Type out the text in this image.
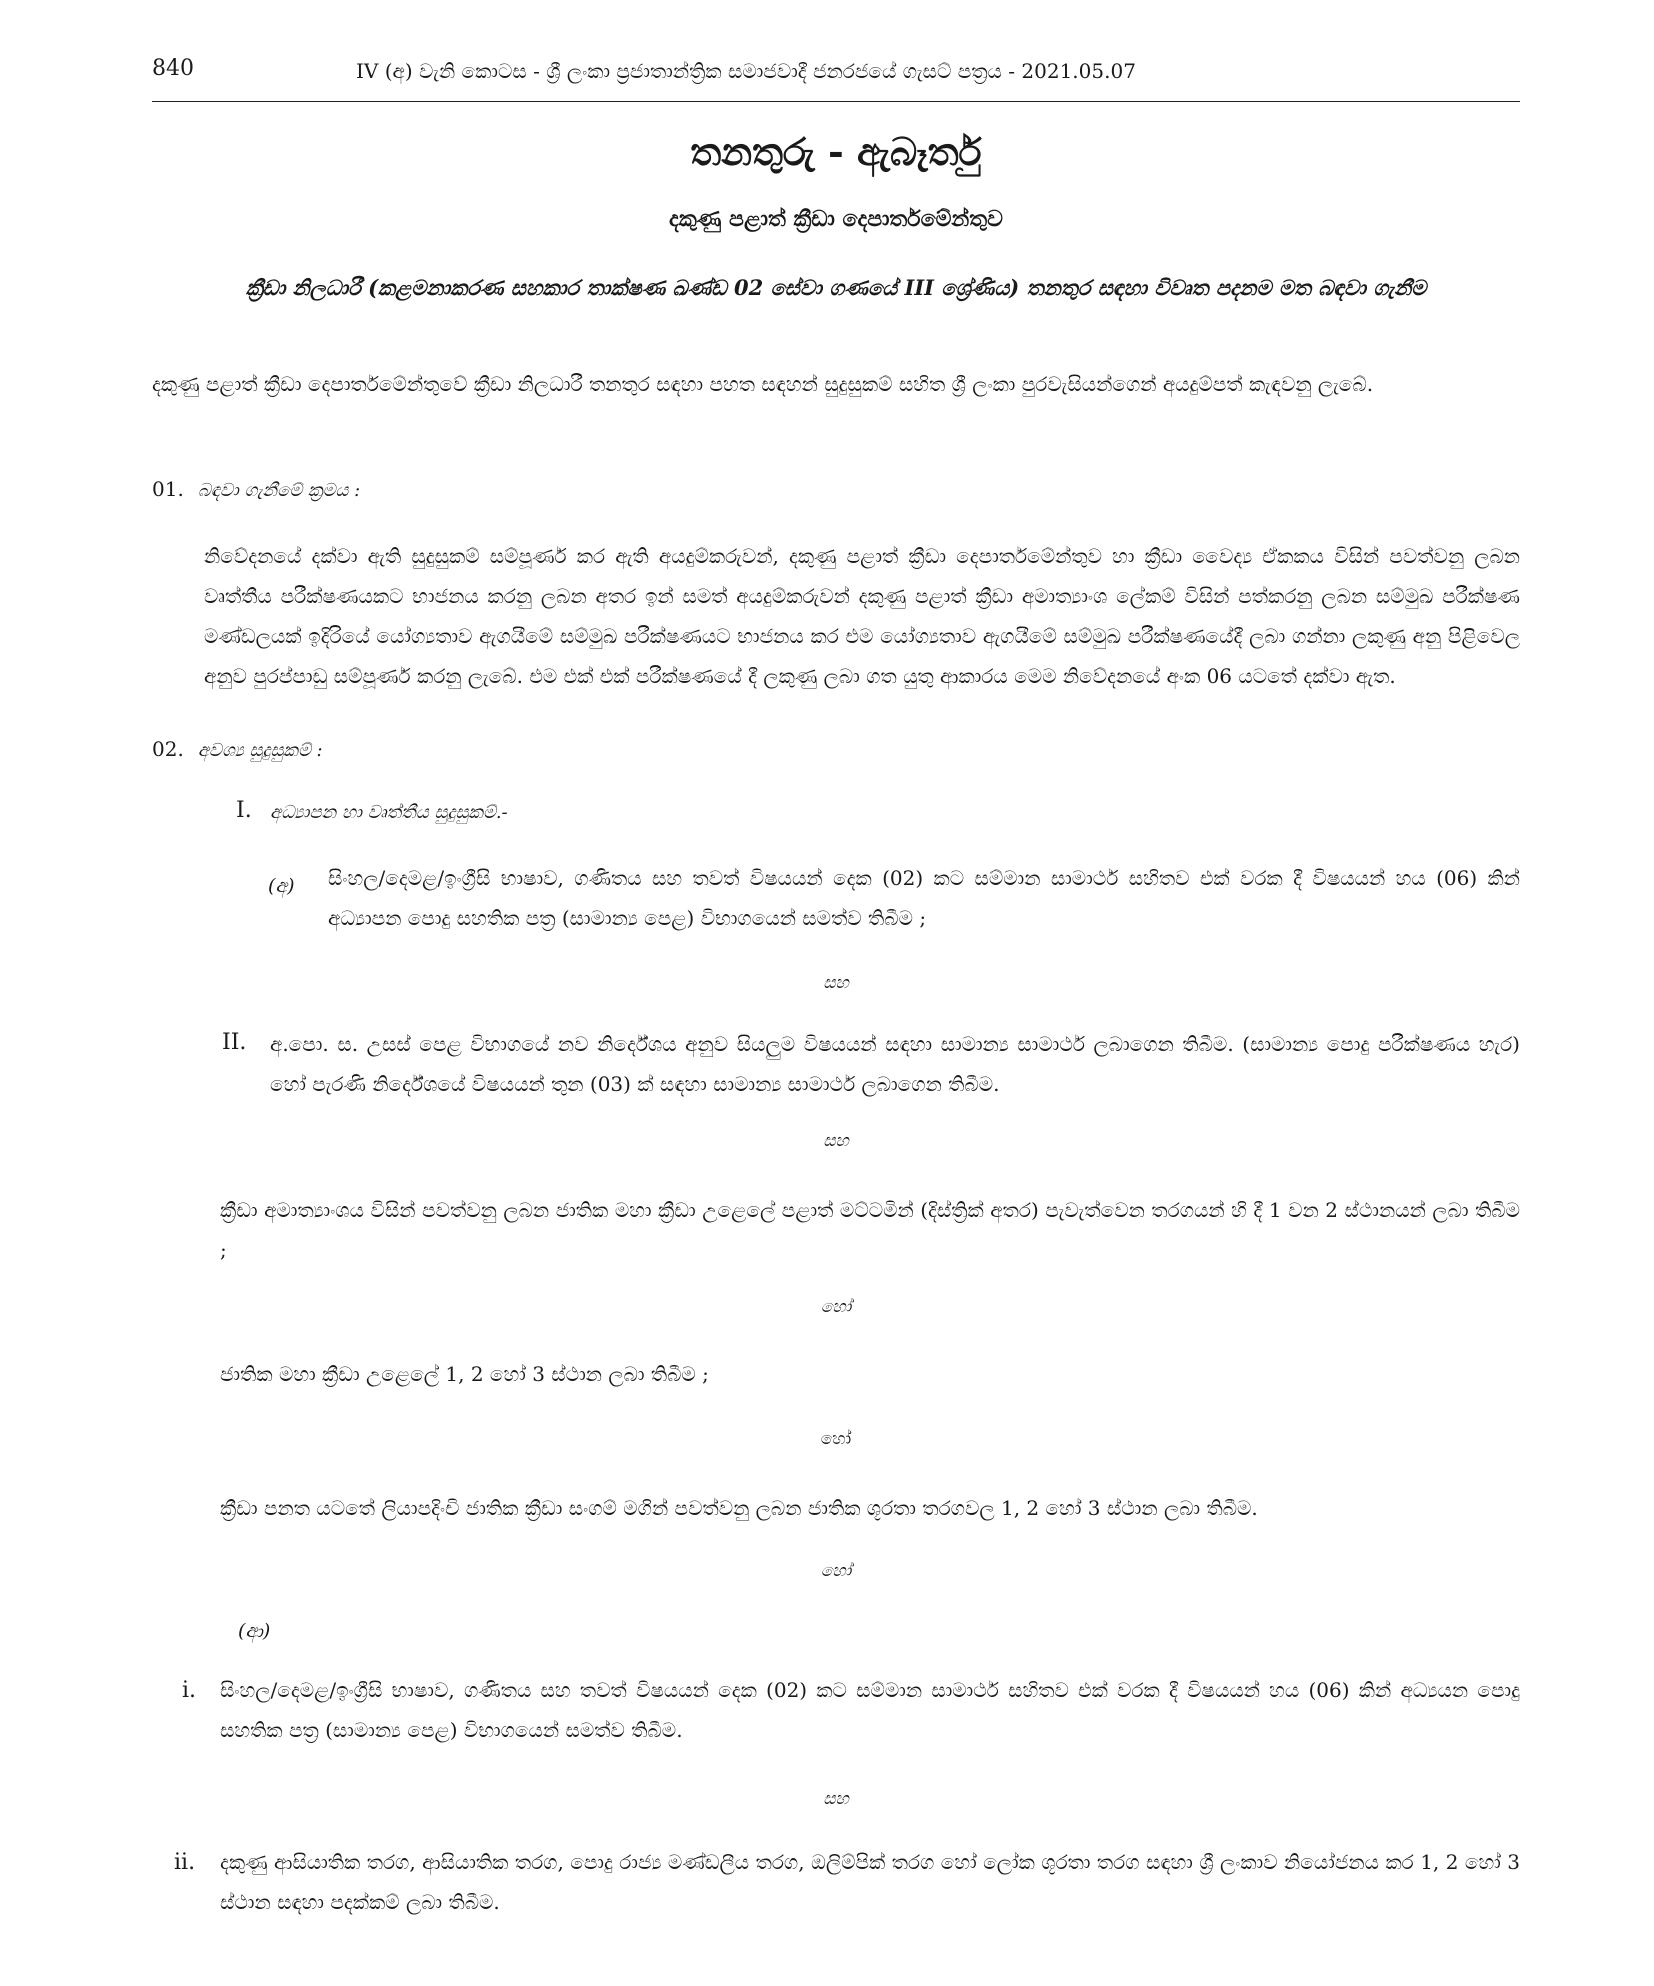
840	IV (අ) වැනි කොටස - ශ්‍රී ලංකා ප්‍රජාතාන්ත්‍රික සමාජවාදී ජනරජයේ ගැසට් පත්‍රය - 2021.05.07
තනතුරු - ඇබෑර්තු
දකුණු පළාත් ක්‍රීඩා දෙපාර්තමේන්තුව
ක්‍රීඩා නිලධාරී (කළමනාකරණ සහකාර තාක්ෂණ ඛණ්ඩ 02 සේවා ගණයේ III ශ්‍රේණිය) තනතුර සඳහා විවෘත පදනම මත බඳවා ගැනීම
දකුණු පළාත් ක්‍රීඩා දෙපාර්තමේන්තුවේ ක්‍රීඩා නිලධාරී තනතුර සඳහා පහත සඳහන් සුදුසුකම් සහිත ශ්‍රී ලංකා පුරවැසියන්ගෙන් අයදුම්පත් කැඳවනු ලැබේ.
01. බඳවා ගැනීමේ ක්‍රමය :
නිවේදනයේ දක්වා ඇති සුදුසුකම් සම්පූර්ණ කර ඇති අයදුම්කරුවන්, දකුණු පළාත් ක්‍රීඩා දෙපාර්තමේන්තුව හා ක්‍රීඩා වෛද්‍ය ඒකකය විසින් පවත්වනු ලබන වෘත්තීය පරීක්ෂණයකට භාජනය කරනු ලබන අතර ඉන් සමත් අයදුම්කරුවන් දකුණු පළාත් ක්‍රීඩා අමාත්‍යාංශ ලේකම් විසින් පත්කරනු ලබන සම්මුඛ පරීක්ෂණ මණ්ඩලයක් ඉදිරියේ යෝග්‍යතාව ඇගයීමේ සම්මුඛ පරීක්ෂණයට භාජනය කර එම යෝග්‍යතාව ඇගයීමේ සම්මුඛ පරීක්ෂණයේදී ලබා ගන්නා ලකුණු අනු පිළිවෙල අනුව පුරප්පාඩු සම්පූර්ණ කරනු ලැබේ. එම එක් එක් පරීක්ෂණයේ දී ලකුණු ලබා ගත යුතු ආකාරය මෙම නිවේදනයේ අංක 06 යටතේ දක්වා ඇත.
02. අවශ්‍ය සුදුසුකම් :
I. අධ්‍යාපන හා වෘත්තීය සුදුසුකම්.-
(අ) සිංහල/දෙමළ/ඉංග්‍රීසි භාෂාව, ගණිතය සහ තවත් විෂයයන් දෙක (02) කට සම්මාන සාමාර්ථ සහිතව එක් වරක දී විෂයයන් හය (06) කින් අධ්‍යාපන පොදු සහතික පත්‍ර (සාමාන්‍ය පෙළ) විභාගයෙන් සමත්ව තිබීම ;
සහ
II. අ.පො. ස. උසස් පෙළ විභාගයේ නව නිර්දේශය අනුව සියලුම විෂයයන් සඳහා සාමාන්‍ය සාමාර්ථ ලබාගෙන තිබීම. (සාමාන්‍ය පොදු පරීක්ෂණය හැර) හෝ පැරණි නිර්දේශයේ විෂයයන් තුන (03) ක් සඳහා සාමාන්‍ය සාමාර්ථ ලබාගෙන තිබීම.
සහ
ක්‍රීඩා අමාත්‍යාංශය විසින් පවත්වනු ලබන ජාතික මහා ක්‍රීඩා උළෙලේ පළාත් මට්ටමින් (දිස්ත්‍රික් අතර) පැවැත්වෙන තරගයන් හි දී 1 වන 2 ස්ථානයන් ලබා තිබීම ;
හෝ
ජාතික මහා ක්‍රීඩා උළෙලේ 1, 2 හෝ 3 ස්ථාන ලබා තිබීම ;
හෝ
ක්‍රීඩා පනත යටතේ ලියාපදිංචි ජාතික ක්‍රීඩා සංගම් මගින් පවත්වනු ලබන ජාතික ශූරතා තරගවල 1, 2 හෝ 3 ස්ථාන ලබා තිබීම.
හෝ
(ආ)
i. සිංහල/දෙමළ/ඉංග්‍රීසි භාෂාව, ගණිතය සහ තවත් විෂයයන් දෙක (02) කට සම්මාන සාමාර්ථ සහිතව එක් වරක දී විෂයයන් හය (06) කින් අධ්‍යයන පොදු සහතික පත්‍ර (සාමාන්‍ය පෙළ) විභාගයෙන් සමත්ව තිබීම.
සහ
ii. දකුණු ආසියාතික තරග, ආසියාතික තරග, පොදු රාජ්‍ය මණ්ඩලීය තරග, ඔලිම්පික් තරග හෝ ලෝක ශූරතා තරග සඳහා ශ්‍රී ලංකාව නියෝජනය කර 1, 2 හෝ 3 ස්ථාන සඳහා පදක්කම් ලබා තිබීම.
